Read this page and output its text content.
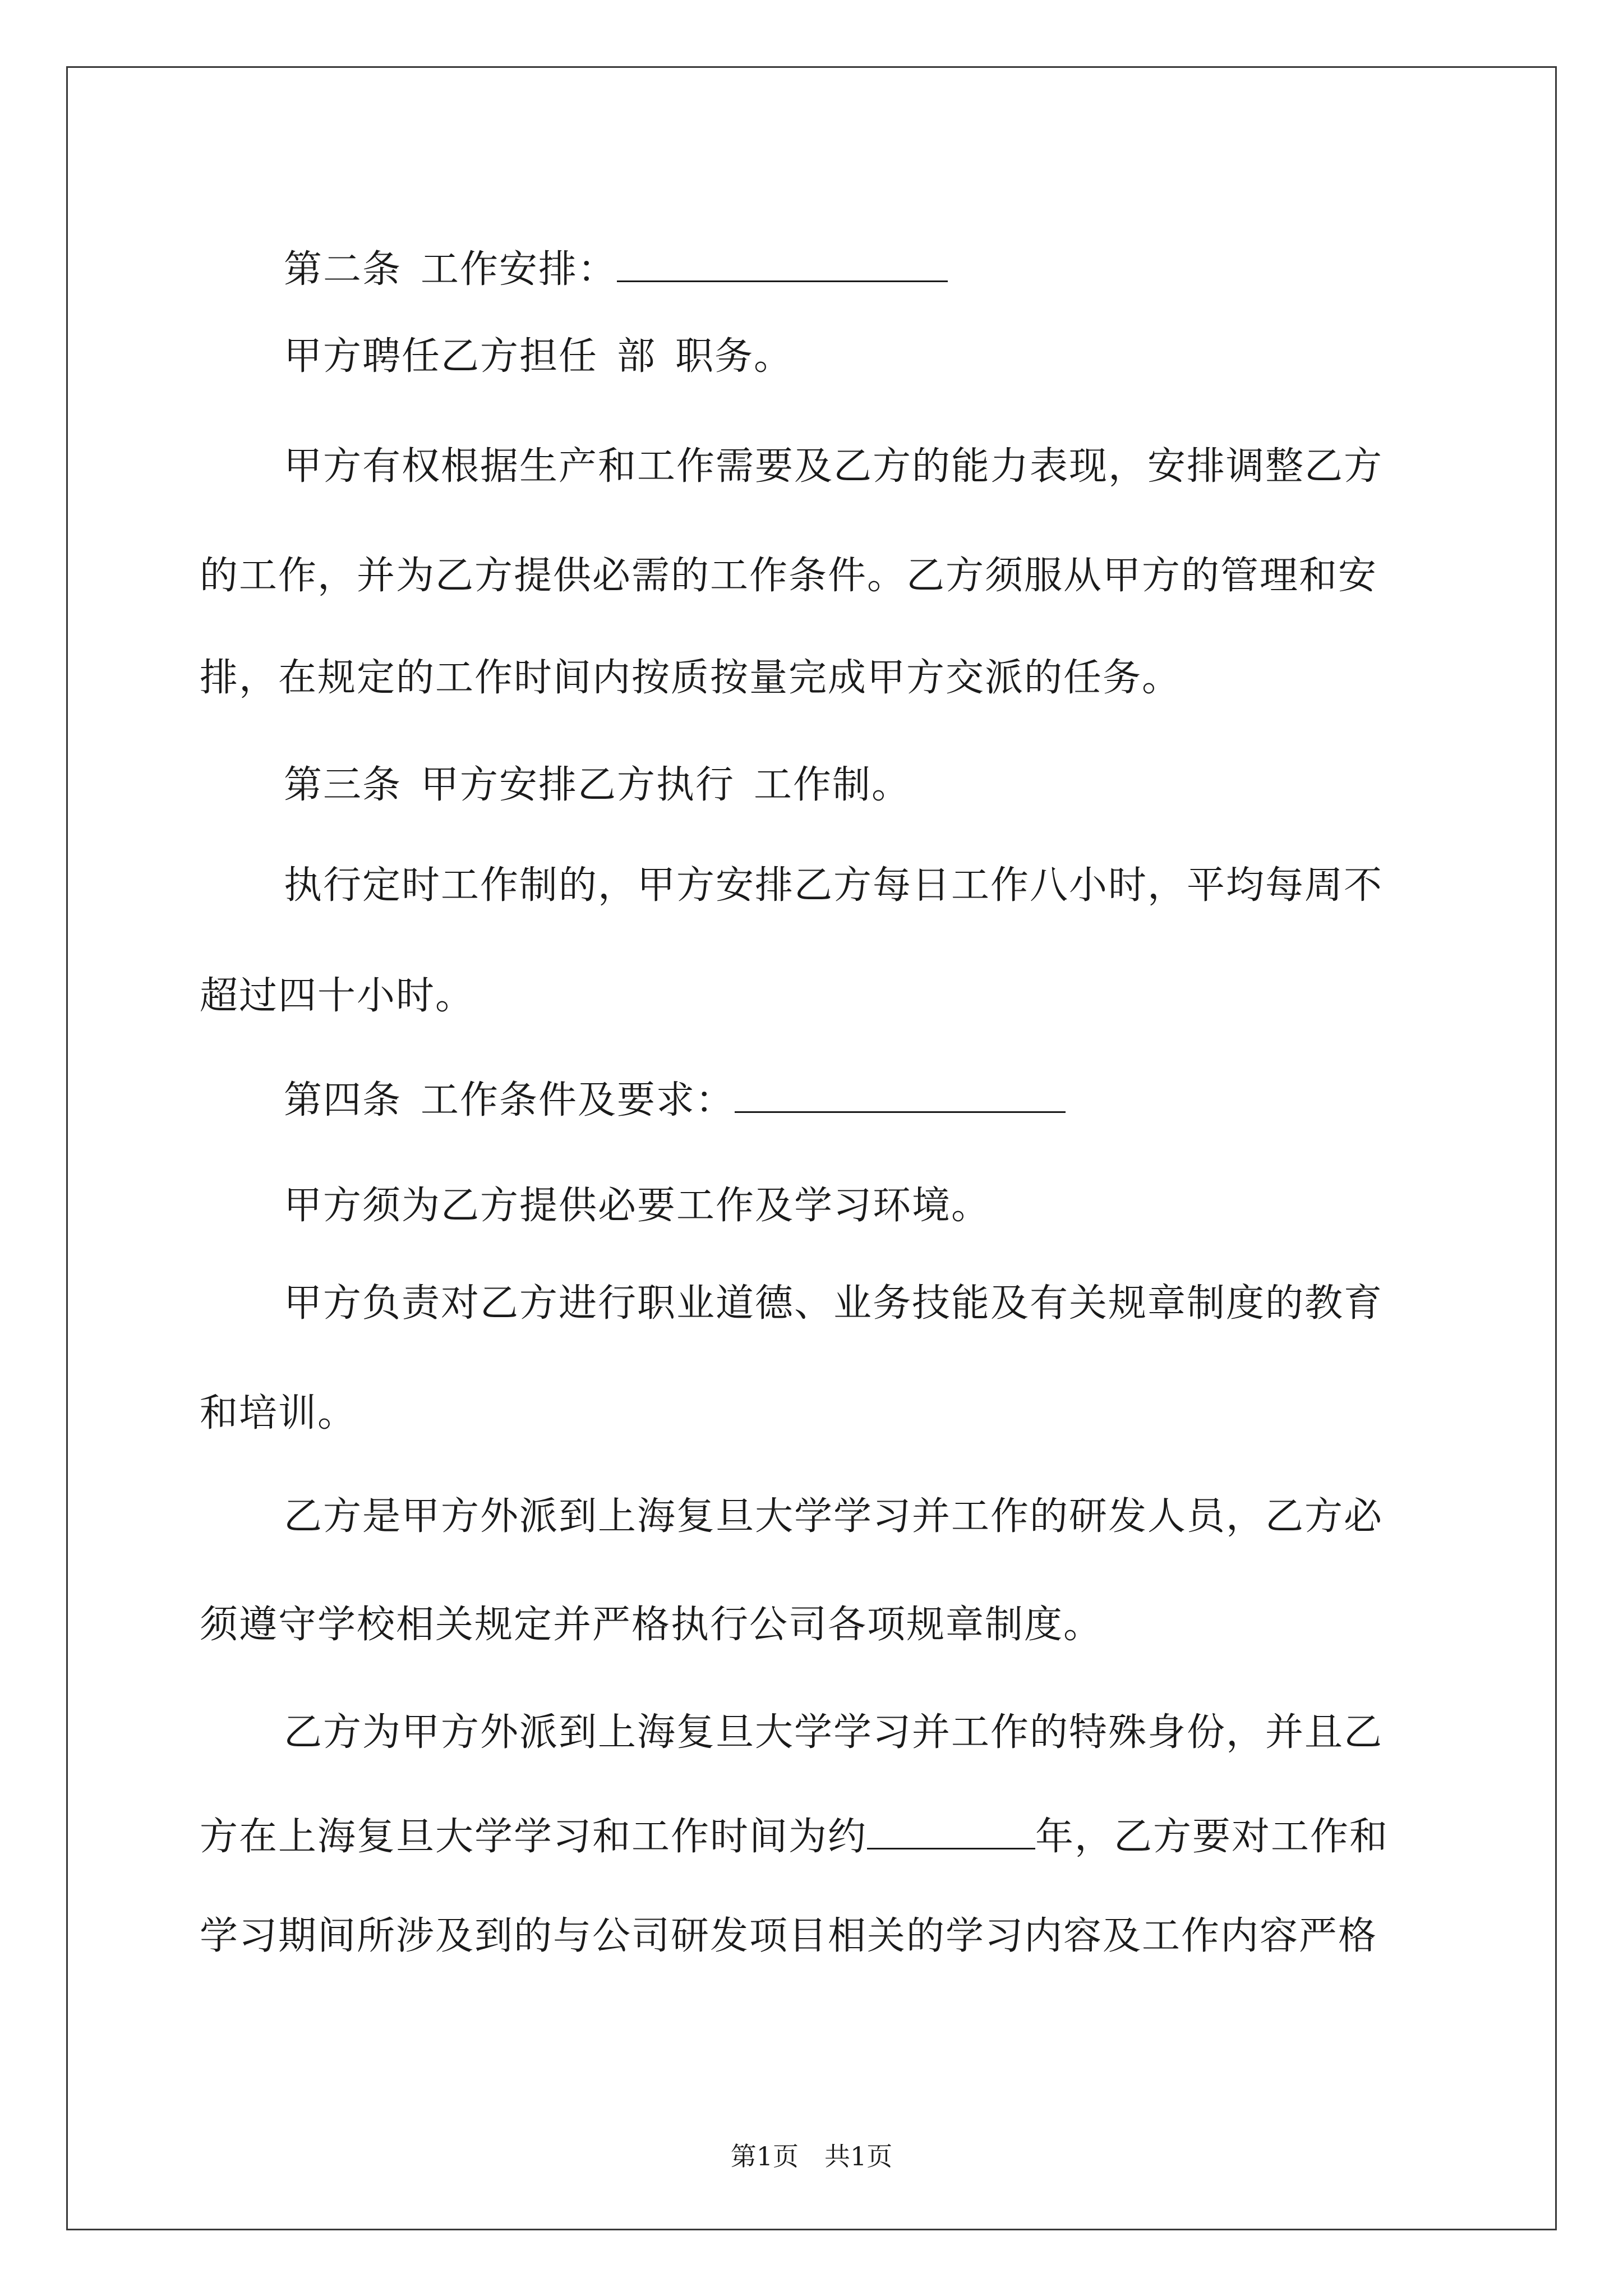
第二条 工作安排：

甲方聘任乙方担任 部 职务。

甲方有权根据生产和工作需要及乙方的能力表现，安排调整乙方

的工作，并为乙方提供必需的工作条件。乙方须服从甲方的管理和安

排，在规定的工作时间内按质按量完成甲方交派的任务。

第三条 甲方安排乙方执行 工作制。

执行定时工作制的，甲方安排乙方每日工作八小时，平均每周不

超过四十小时。

第四条 工作条件及要求：

甲方须为乙方提供必要工作及学习环境。

甲方负责对乙方进行职业道德、业务技能及有关规章制度的教育

和培训。

乙方是甲方外派到上海复旦大学学习并工作的研发人员，乙方必

须遵守学校相关规定并严格执行公司各项规章制度。

乙方为甲方外派到上海复旦大学学习并工作的特殊身份，并且乙

方在上海复旦大学学习和工作时间为约	年，乙方要对工作和

学习期间所涉及到的与公司研发项目相关的学习内容及工作内容严格

第1页　共1页
